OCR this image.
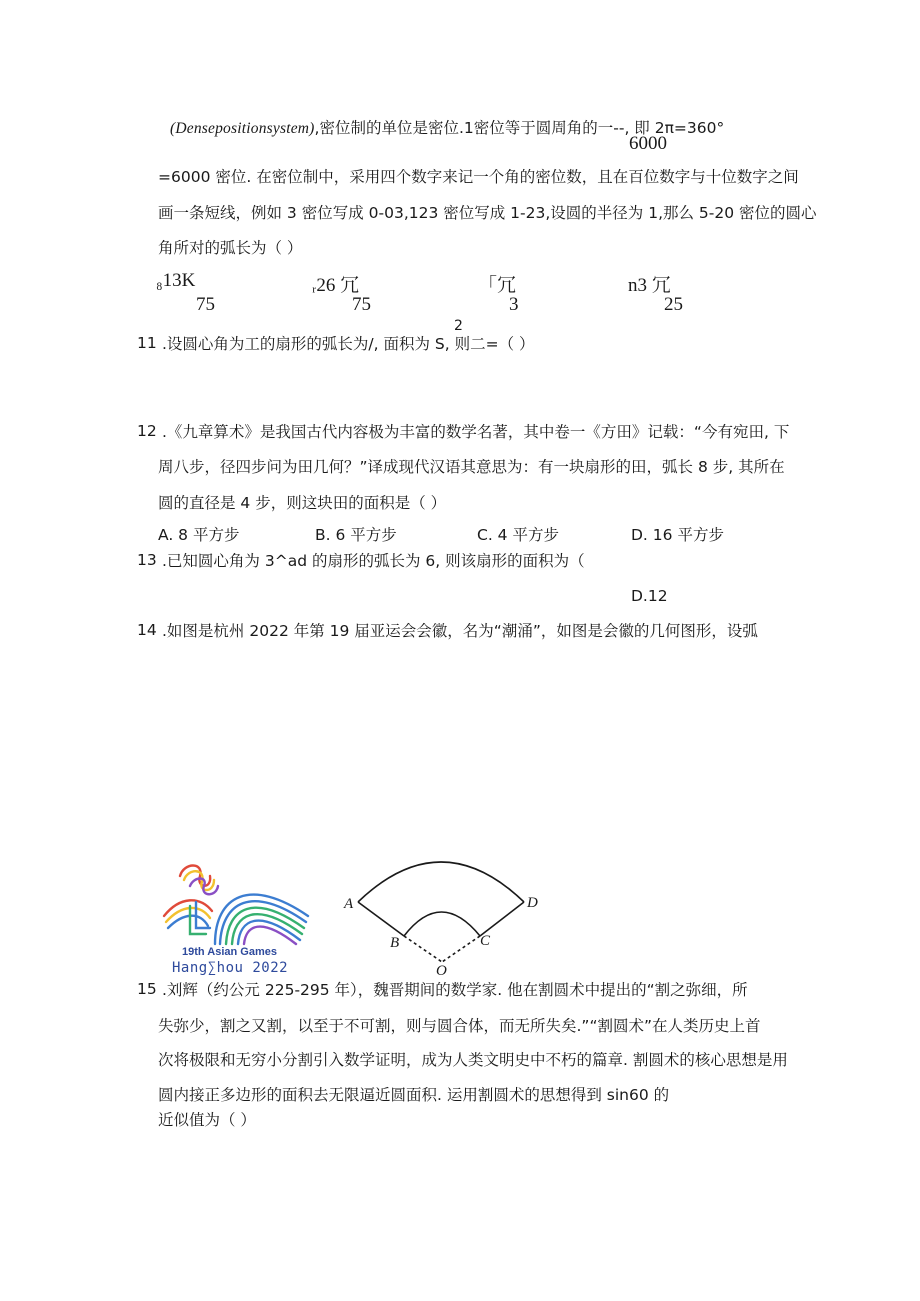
(Densepositionsystem),密位制的单位是密位.1密位等于圆周角的一--, 即 2π=360°
6000
=6000 密位. 在密位制中，采用四个数字来记一个角的密位数，且在百位数字与十位数字之间
画一条短线，例如 3 密位写成 0-03,123 密位写成 1-23,设圆的半径为 1,那么 5-20 密位的圆心
角所对的弧长为（ ）
₈13K
75
ᵣ26 冗
75
「冗
3
n3 冗
25
2
11 .设圆心角为工的扇形的弧长为/, 面积为 S, 则二=（ ）
12 .《九章算术》是我国古代内容极为丰富的数学名著，其中卷一《方田》记载：“今有宛田, 下
周八步，径四步问为田几何？”译成现代汉语其意思为：有一块扇形的田，弧长 8 步, 其所在
圆的直径是 4 步，则这块田的面积是（ ）
A. 8 平方步	B. 6 平方步	C. 4 平方步	D. 16 平方步
13 .已知圆心角为 3^ad 的扇形的弧长为 6, 则该扇形的面积为（
D.12
14 .如图是杭州 2022 年第 19 届亚运会会徽，名为“潮涌”，如图是会徽的几何图形，设弧
19th Asian Games
Hang∑hou 2022
A
B	C
D
O
15 .刘辉（约公元 225-295 年），魏晋期间的数学家. 他在割圆术中提出的“割之弥细，所
失弥少，割之又割，以至于不可割，则与圆合体，而无所失矣.”“割圆术”在人类历史上首
次将极限和无穷小分割引入数学证明，成为人类文明史中不朽的篇章. 割圆术的核心思想是用
圆内接正多边形的面积去无限逼近圆面积. 运用割圆术的思想得到 sin60 的
近似值为（ ）
